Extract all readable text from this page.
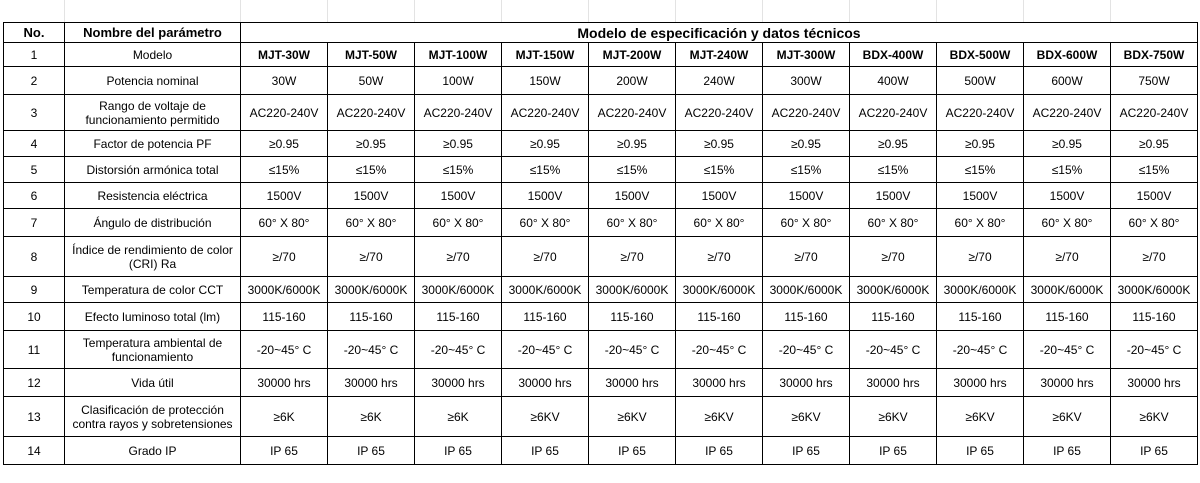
No.	Nombre del parámetro	Modelo de especificación y datos técnicos										
1	Modelo	MJT-30W	MJT-50W	MJT-100W	MJT-150W	MJT-200W	MJT-240W	MJT-300W	BDX-400W	BDX-500W	BDX-600W	BDX-750W
2	Potencia nominal	30W	50W	100W	150W	200W	240W	300W	400W	500W	600W	750W
3	Rango de voltaje de funcionamiento permitido	AC220-240V	AC220-240V	AC220-240V	AC220-240V	AC220-240V	AC220-240V	AC220-240V	AC220-240V	AC220-240V	AC220-240V	AC220-240V
4	Factor de potencia PF	≥0.95	≥0.95	≥0.95	≥0.95	≥0.95	≥0.95	≥0.95	≥0.95	≥0.95	≥0.95	≥0.95
5	Distorsión armónica total	≤15%	≤15%	≤15%	≤15%	≤15%	≤15%	≤15%	≤15%	≤15%	≤15%	≤15%
6	Resistencia eléctrica	1500V	1500V	1500V	1500V	1500V	1500V	1500V	1500V	1500V	1500V	1500V
7	Ángulo de distribución	60° X 80°	60° X 80°	60° X 80°	60° X 80°	60° X 80°	60° X 80°	60° X 80°	60° X 80°	60° X 80°	60° X 80°	60° X 80°
8	Índice de rendimiento de color (CRI) Ra	≥/70	≥/70	≥/70	≥/70	≥/70	≥/70	≥/70	≥/70	≥/70	≥/70	≥/70
9	Temperatura de color CCT	3000K/6000K	3000K/6000K	3000K/6000K	3000K/6000K	3000K/6000K	3000K/6000K	3000K/6000K	3000K/6000K	3000K/6000K	3000K/6000K	3000K/6000K
10	Efecto luminoso total (lm)	115-160	115-160	115-160	115-160	115-160	115-160	115-160	115-160	115-160	115-160	115-160
11	Temperatura ambiental de funcionamiento	-20~45° C	-20~45° C	-20~45° C	-20~45° C	-20~45° C	-20~45° C	-20~45° C	-20~45° C	-20~45° C	-20~45° C	-20~45° C
12	Vida útil	30000 hrs	30000 hrs	30000 hrs	30000 hrs	30000 hrs	30000 hrs	30000 hrs	30000 hrs	30000 hrs	30000 hrs	30000 hrs
13	Clasificación de protección contra rayos y sobretensiones	≥6K	≥6K	≥6K	≥6KV	≥6KV	≥6KV	≥6KV	≥6KV	≥6KV	≥6KV	≥6KV
14	Grado IP	IP 65	IP 65	IP 65	IP 65	IP 65	IP 65	IP 65	IP 65	IP 65	IP 65	IP 65
